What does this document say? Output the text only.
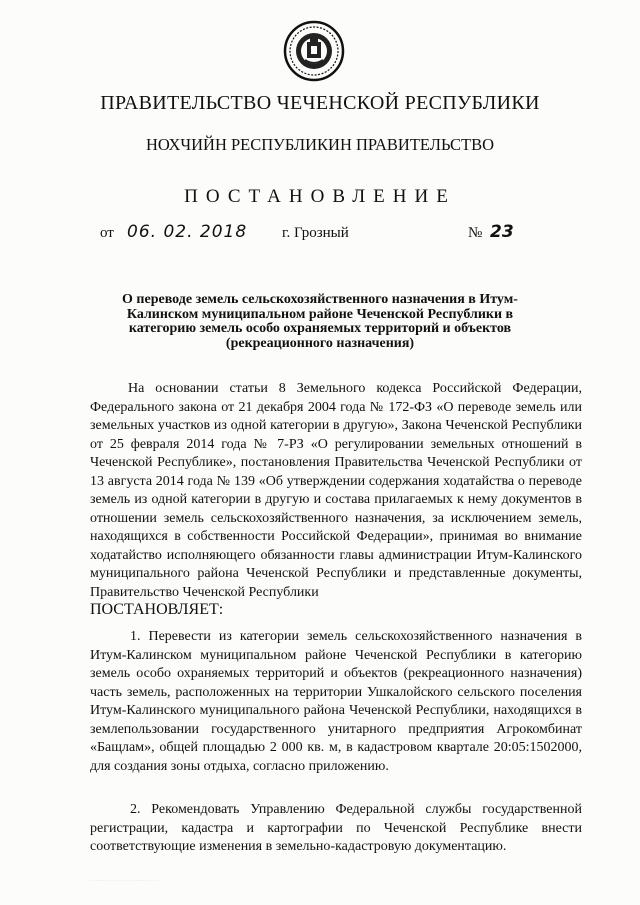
ПРАВИТЕЛЬСТВО ЧЕЧЕНСКОЙ РЕСПУБЛИКИ
НОХЧИЙН РЕСПУБЛИКИН ПРАВИТЕЛЬСТВО
ПОСТАНОВЛЕНИЕ
от 06. 02. 2018 г. Грозный	№ 23
О переводе земель сельскохозяйственного назначения в Итум-Калинском муниципальном районе Чеченской Республики в категорию земель особо охраняемых территорий и объектов (рекреационного назначения)
На основании статьи 8 Земельного кодекса Российской Федерации, Федерального закона от 21 декабря 2004 года № 172-ФЗ «О переводе земель или земельных участков из одной категории в другую», Закона Чеченской Республики от 25 февраля 2014 года № 7-РЗ «О регулировании земельных отношений в Чеченской Республике», постановления Правительства Чеченской Республики от 13 августа 2014 года № 139 «Об утверждении содержания ходатайства о переводе земель из одной категории в другую и состава прилагаемых к нему документов в отношении земель сельскохозяйственного назначения, за исключением земель, находящихся в собственности Российской Федерации», принимая во внимание ходатайство исполняющего обязанности главы администрации Итум-Калинского муниципального района Чеченской Республики и представленные документы, Правительство Чеченской Республики
ПОСТАНОВЛЯЕТ:
1. Перевести из категории земель сельскохозяйственного назначения в Итум-Калинском муниципальном районе Чеченской Республики в категорию земель особо охраняемых территорий и объектов (рекреационного назначения) часть земель, расположенных на территории Ушкалойского сельского поселения Итум-Калинского муниципального района Чеченской Республики, находящихся в землепользовании государственного унитарного предприятия Агрокомбинат «Бащлам», общей площадью 2 000 кв. м, в кадастровом квартале 20:05:1502000, для создания зоны отдыха, согласно приложению.
2. Рекомендовать Управлению Федеральной службы государственной регистрации, кадастра и картографии по Чеченской Республике внести соответствующие изменения в земельно-кадастровую документацию.
· · · · · · · · · · · · · · · · · · · · · · · · · · · · · · · · · · · ·
